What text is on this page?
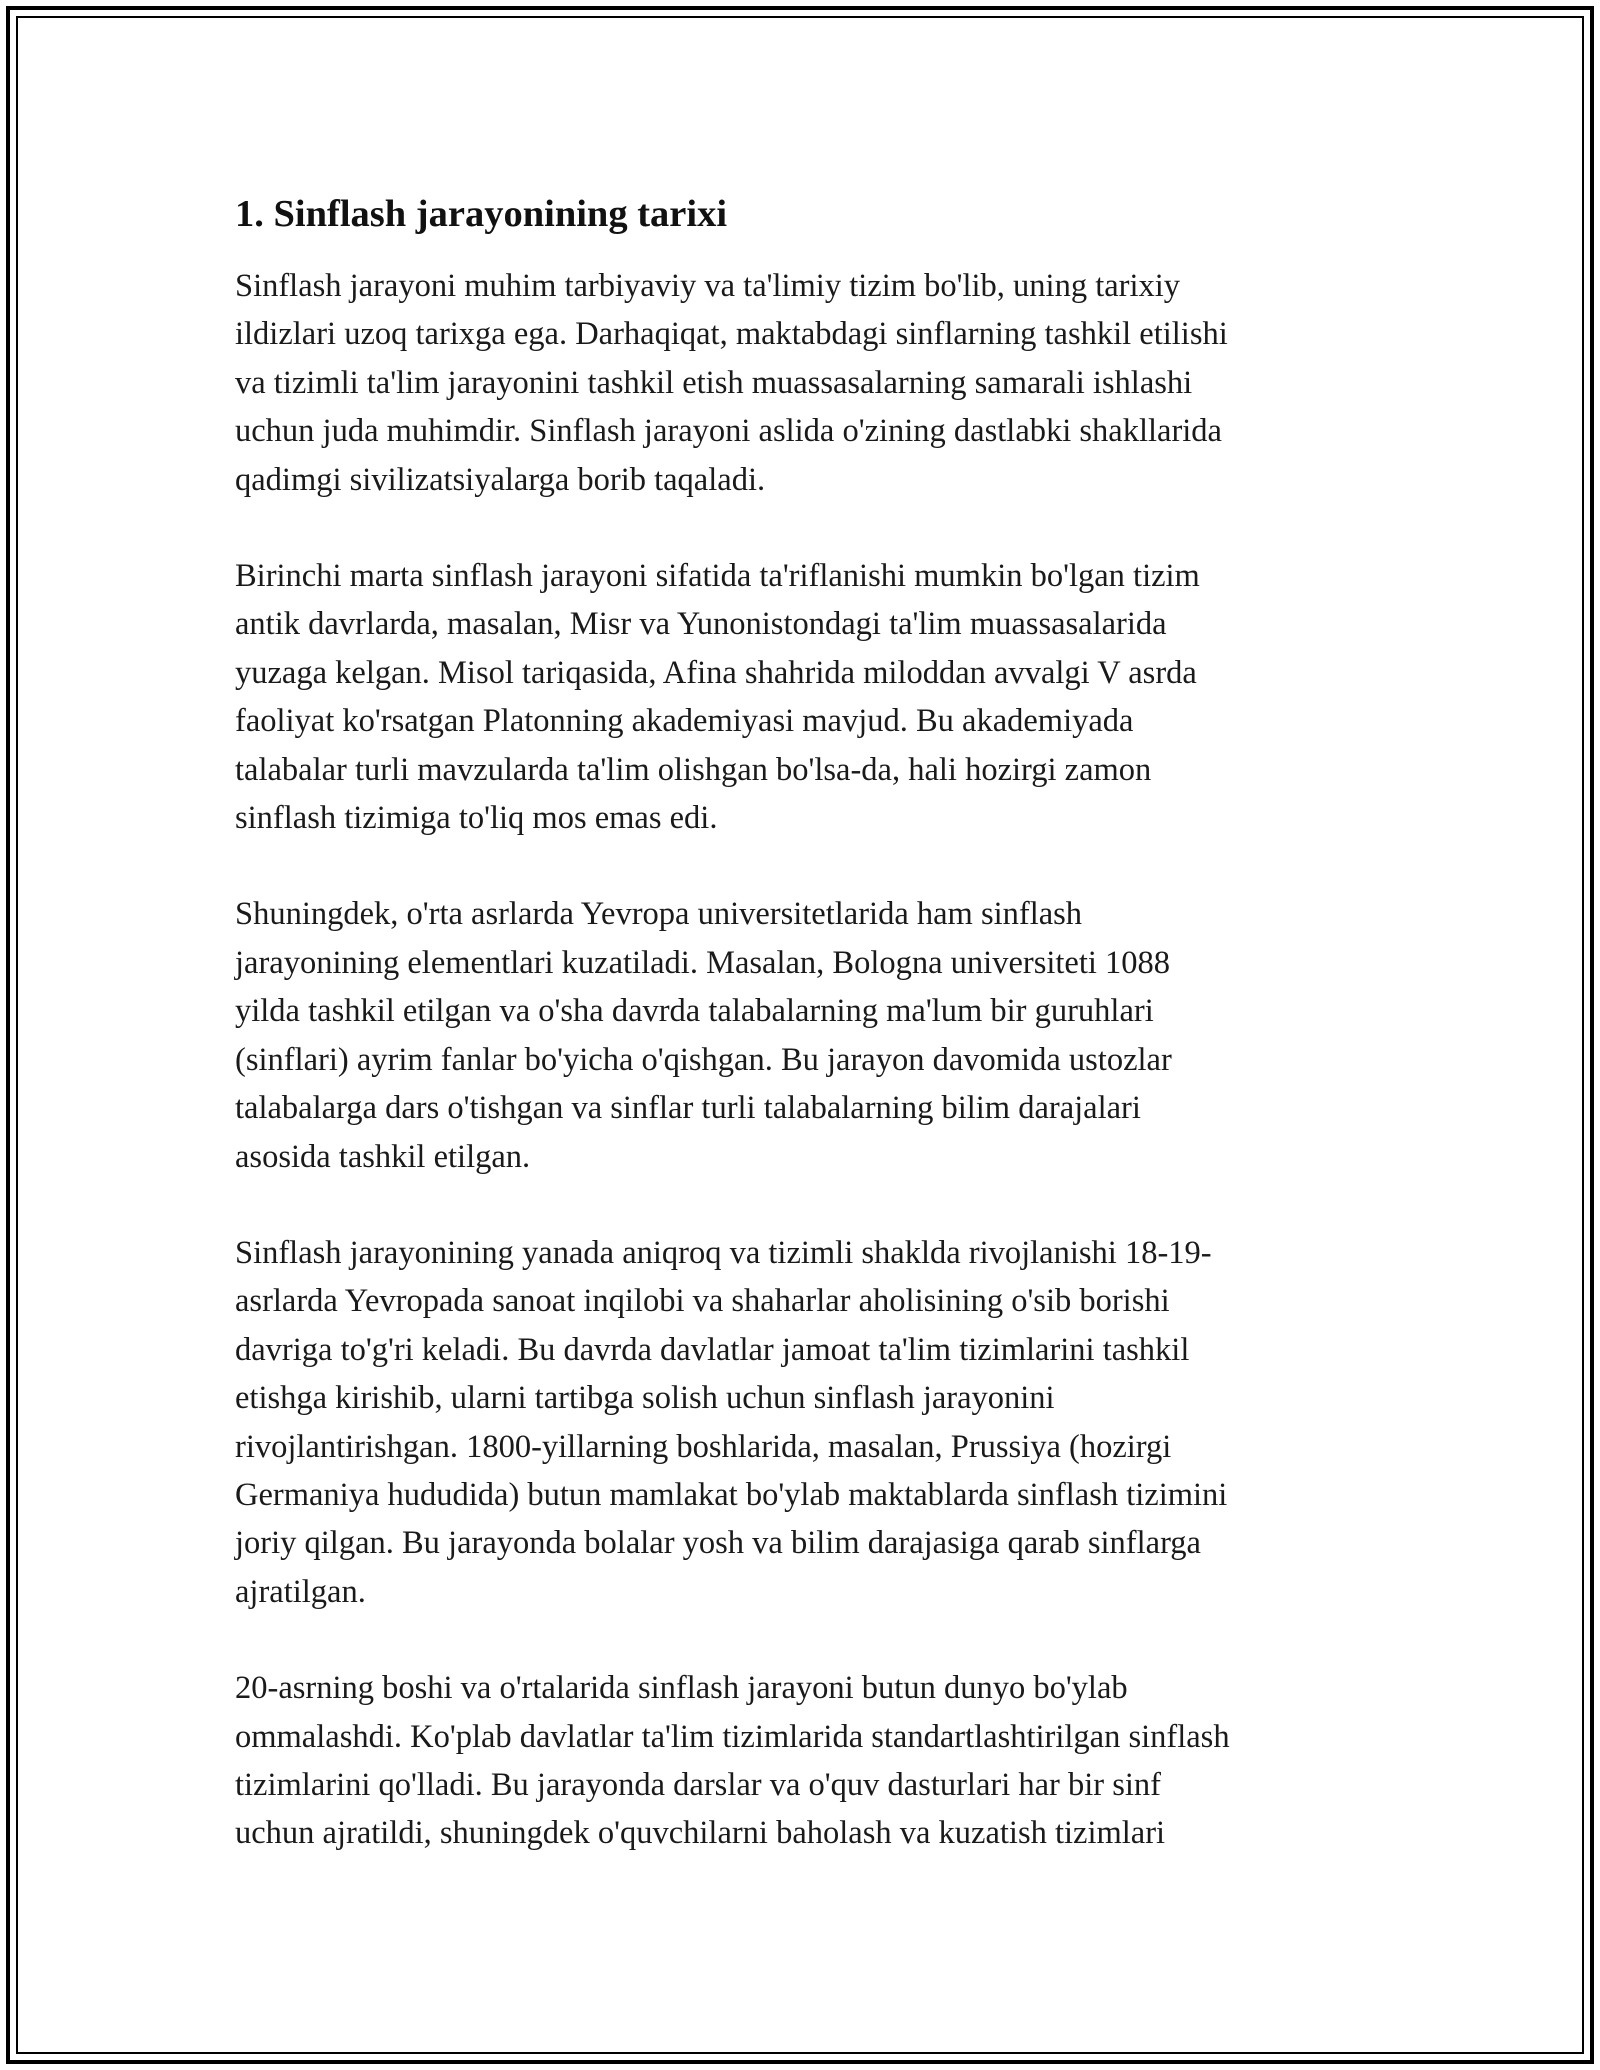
1. Sinflash jarayonining tarixi

Sinflash jarayoni muhim tarbiyaviy va ta'limiy tizim bo'lib, uning tarixiy
ildizlari uzoq tarixga ega. Darhaqiqat, maktabdagi sinflarning tashkil etilishi
va tizimli ta'lim jarayonini tashkil etish muassasalarning samarali ishlashi
uchun juda muhimdir. Sinflash jarayoni aslida o'zining dastlabki shakllarida
qadimgi sivilizatsiyalarga borib taqaladi.

Birinchi marta sinflash jarayoni sifatida ta'riflanishi mumkin bo'lgan tizim
antik davrlarda, masalan, Misr va Yunonistondagi ta'lim muassasalarida
yuzaga kelgan. Misol tariqasida, Afina shahrida miloddan avvalgi V asrda
faoliyat ko'rsatgan Platonning akademiyasi mavjud. Bu akademiyada
talabalar turli mavzularda ta'lim olishgan bo'lsa-da, hali hozirgi zamon
sinflash tizimiga to'liq mos emas edi.

Shuningdek, o'rta asrlarda Yevropa universitetlarida ham sinflash
jarayonining elementlari kuzatiladi. Masalan, Bologna universiteti 1088
yilda tashkil etilgan va o'sha davrda talabalarning ma'lum bir guruhlari
(sinflari) ayrim fanlar bo'yicha o'qishgan. Bu jarayon davomida ustozlar
talabalarga dars o'tishgan va sinflar turli talabalarning bilim darajalari
asosida tashkil etilgan.

Sinflash jarayonining yanada aniqroq va tizimli shaklda rivojlanishi 18-19-
asrlarda Yevropada sanoat inqilobi va shaharlar aholisining o'sib borishi
davriga to'g'ri keladi. Bu davrda davlatlar jamoat ta'lim tizimlarini tashkil
etishga kirishib, ularni tartibga solish uchun sinflash jarayonini
rivojlantirishgan. 1800-yillarning boshlarida, masalan, Prussiya (hozirgi
Germaniya hududida) butun mamlakat bo'ylab maktablarda sinflash tizimini
joriy qilgan. Bu jarayonda bolalar yosh va bilim darajasiga qarab sinflarga
ajratilgan.

20-asrning boshi va o'rtalarida sinflash jarayoni butun dunyo bo'ylab
ommalashdi. Ko'plab davlatlar ta'lim tizimlarida standartlashtirilgan sinflash
tizimlarini qo'lladi. Bu jarayonda darslar va o'quv dasturlari har bir sinf
uchun ajratildi, shuningdek o'quvchilarni baholash va kuzatish tizimlari
